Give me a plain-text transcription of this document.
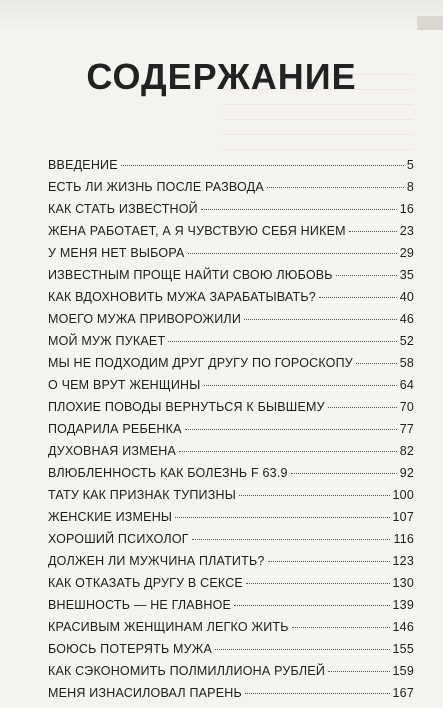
СОДЕРЖАНИЕ
ВВЕДЕНИЕ	5
ЕСТЬ ЛИ ЖИЗНЬ ПОСЛЕ РАЗВОДА	8
КАК СТАТЬ ИЗВЕСТНОЙ	16
ЖЕНА РАБОТАЕТ, А Я ЧУВСТВУЮ СЕБЯ НИКЕМ	23
У МЕНЯ НЕТ ВЫБОРА	29
ИЗВЕСТНЫМ ПРОЩЕ НАЙТИ СВОЮ ЛЮБОВЬ	35
КАК ВДОХНОВИТЬ МУЖА ЗАРАБАТЫВАТЬ?	40
МОЕГО МУЖА ПРИВОРОЖИЛИ	46
МОЙ МУЖ ПУКАЕТ	52
МЫ НЕ ПОДХОДИМ ДРУГ ДРУГУ ПО ГОРОСКОПУ	58
О ЧЕМ ВРУТ ЖЕНЩИНЫ	64
ПЛОХИЕ ПОВОДЫ ВЕРНУТЬСЯ К БЫВШЕМУ	70
ПОДАРИЛА РЕБЕНКА	77
ДУХОВНАЯ ИЗМЕНА	82
ВЛЮБЛЕННОСТЬ КАК БОЛЕЗНЬ F 63.9	92
ТАТУ КАК ПРИЗНАК ТУПИЗНЫ	100
ЖЕНСКИЕ ИЗМЕНЫ	107
ХОРОШИЙ ПСИХОЛОГ	116
ДОЛЖЕН ЛИ МУЖЧИНА ПЛАТИТЬ?	123
КАК ОТКАЗАТЬ ДРУГУ В СЕКСЕ	130
ВНЕШНОСТЬ — НЕ ГЛАВНОЕ	139
КРАСИВЫМ ЖЕНЩИНАМ ЛЕГКО ЖИТЬ	146
БОЮСЬ ПОТЕРЯТЬ МУЖА	155
КАК СЭКОНОМИТЬ ПОЛМИЛЛИОНА РУБЛЕЙ	159
МЕНЯ ИЗНАСИЛОВАЛ ПАРЕНЬ	167
